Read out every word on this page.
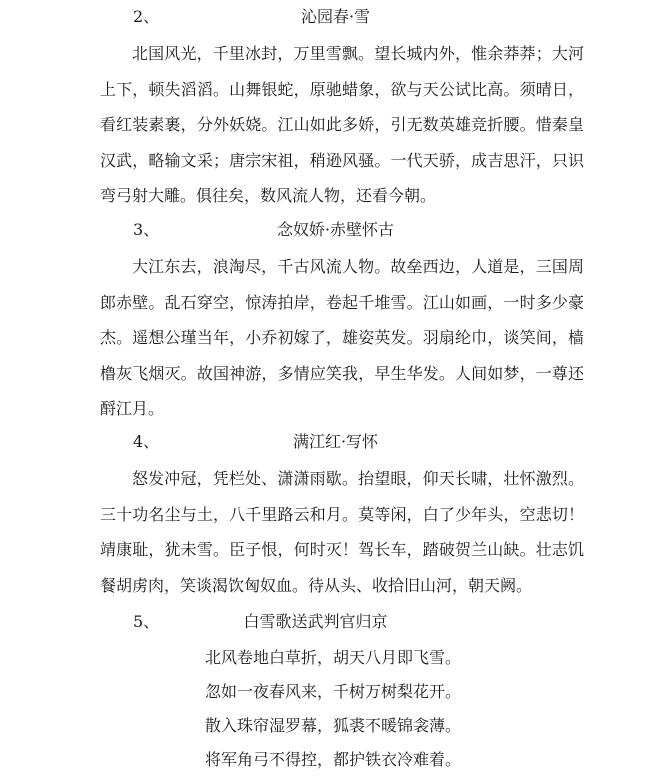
2、	沁园春·雪

北国风光，千里冰封，万里雪飘。望长城内外，惟余莽莽；大河上下，顿失滔滔。山舞银蛇，原驰蜡象，欲与天公试比高。须晴日，看红装素裹，分外妖娆。江山如此多娇，引无数英雄竞折腰。惜秦皇汉武，略输文采；唐宗宋祖，稍逊风骚。一代天骄，成吉思汗，只识弯弓射大雕。俱往矣，数风流人物，还看今朝。

3、	念奴娇·赤壁怀古

大江东去，浪淘尽，千古风流人物。故垒西边，人道是，三国周郎赤壁。乱石穿空，惊涛拍岸，卷起千堆雪。江山如画，一时多少豪杰。遥想公瑾当年，小乔初嫁了，雄姿英发。羽扇纶巾，谈笑间，樯橹灰飞烟灭。故国神游，多情应笑我，早生华发。人间如梦，一尊还酹江月。

4、	满江红·写怀

怒发冲冠，凭栏处、潇潇雨歇。抬望眼，仰天长啸，壮怀激烈。三十功名尘与土，八千里路云和月。莫等闲，白了少年头，空悲切！靖康耻，犹未雪。臣子恨，何时灭！驾长车，踏破贺兰山缺。壮志饥餐胡虏肉，笑谈渴饮匈奴血。待从头、收拾旧山河，朝天阙。

5、	白雪歌送武判官归京
北风卷地白草折，胡天八月即飞雪。
忽如一夜春风来，千树万树梨花开。
散入珠帘湿罗幕，狐裘不暖锦衾薄。
将军角弓不得控，都护铁衣冷难着。
